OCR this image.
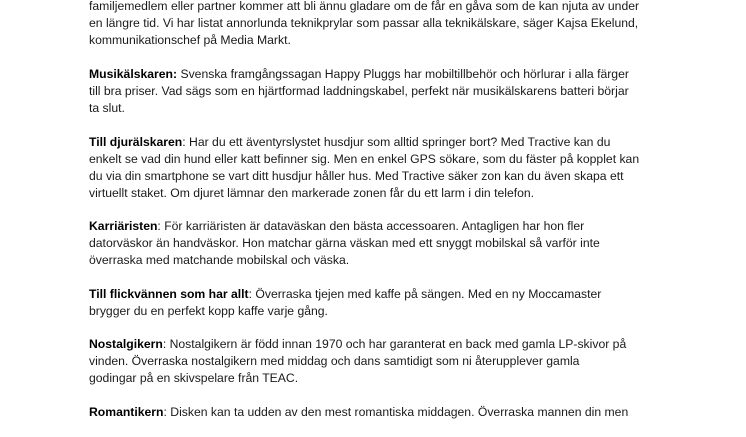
familjemedlem eller partner kommer att bli ännu gladare om de får en gåva som de kan njuta av under
en längre tid. Vi har listat annorlunda teknikprylar som passar alla teknikälskare, säger Kajsa Ekelund,
kommunikationschef på Media Markt.

Musikälskaren: Svenska framgångssagan Happy Pluggs har mobiltillbehör och hörlurar i alla färger
till bra priser. Vad sägs som en hjärtformad laddningskabel, perfekt när musikälskarens batteri börjar
ta slut.

Till djurälskaren: Har du ett äventyrslystet husdjur som alltid springer bort? Med Tractive kan du
enkelt se vad din hund eller katt befinner sig. Men en enkel GPS sökare, som du fäster på kopplet kan
du via din smartphone se vart ditt husdjur håller hus. Med Tractive säker zon kan du även skapa ett
virtuellt staket. Om djuret lämnar den markerade zonen får du ett larm i din telefon.

Karriäristen: För karriäristen är dataväskan den bästa accessoaren. Antagligen har hon fler
datorväskor än handväskor. Hon matchar gärna väskan med ett snyggt mobilskal så varför inte
överraska med matchande mobilskal och väska.

Till flickvännen som har allt: Överraska tjejen med kaffe på sängen. Med en ny Moccamaster
brygger du en perfekt kopp kaffe varje gång.

Nostalgikern: Nostalgikern är född innan 1970 och har garanterat en back med gamla LP-skivor på
vinden. Överraska nostalgikern med middag och dans samtidigt som ni återupplever gamla
godingar på en skivspelare från TEAC.

Romantikern: Disken kan ta udden av den mest romantiska middagen. Överraska mannen din men
